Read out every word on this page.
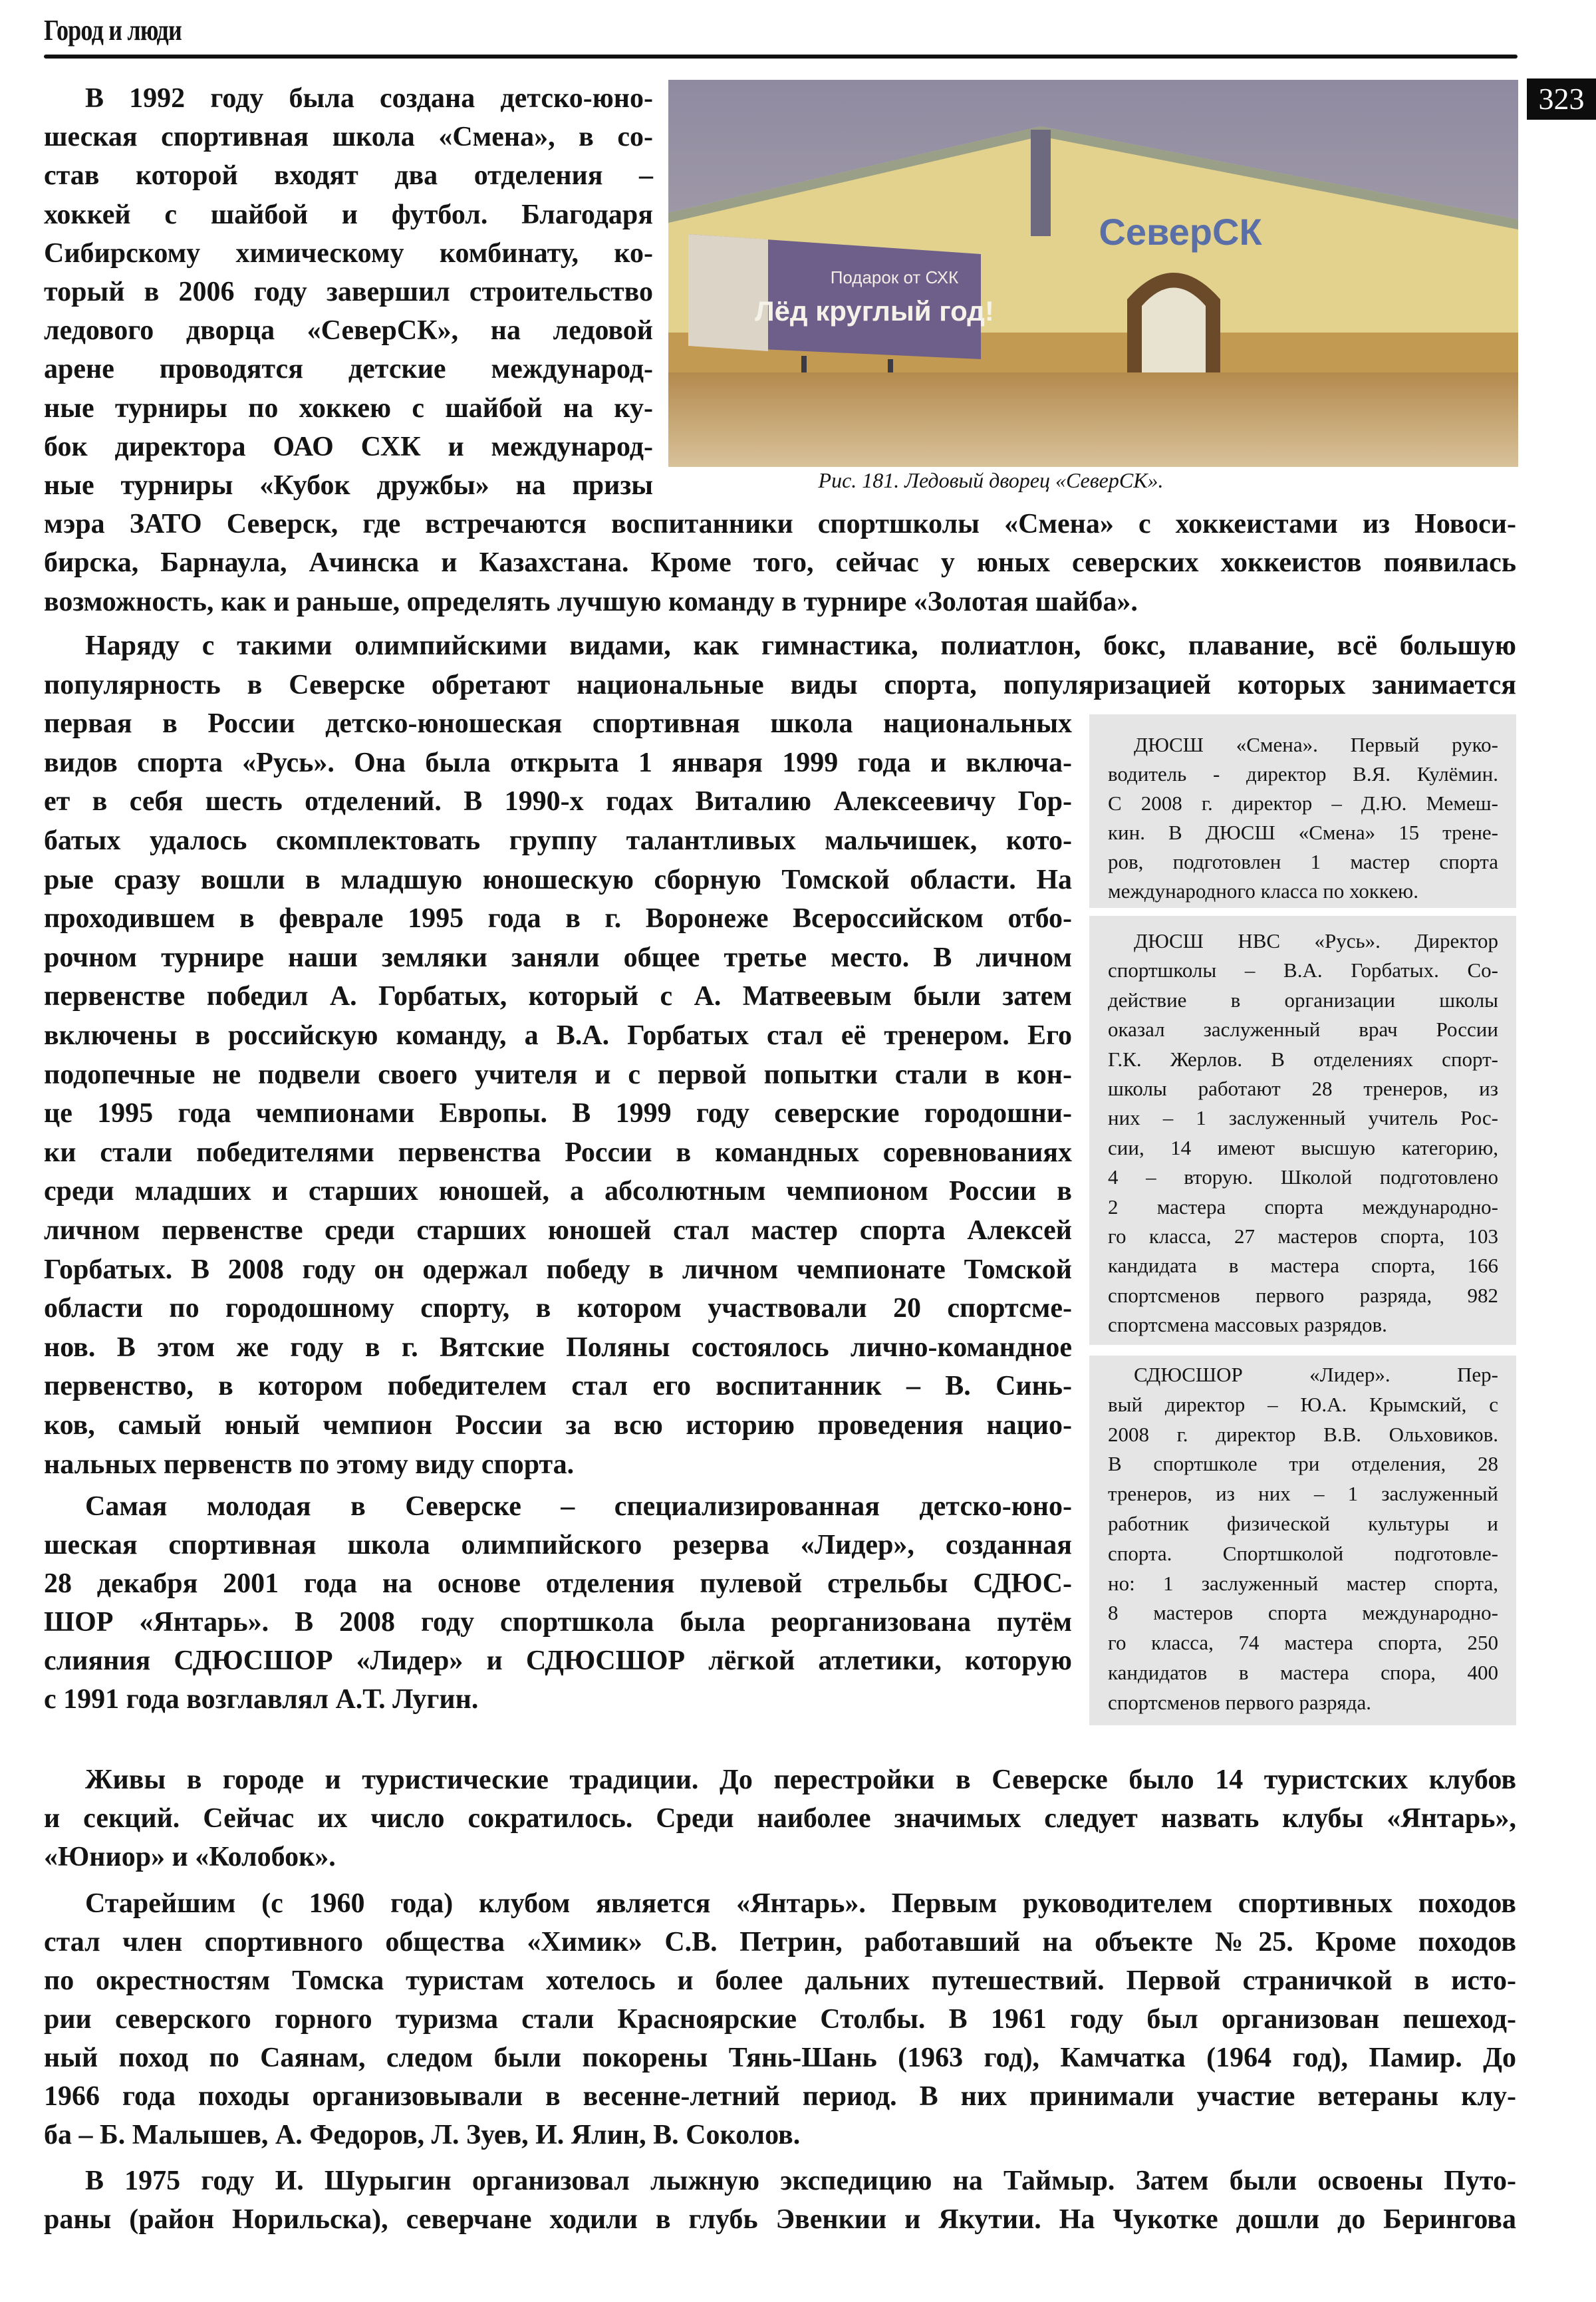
Город и люди
323
СеверСК
Подарок от СХК
Лёд круглый год!
Рис. 181. Ледовый дворец «СеверСК».
В 1992 году была создана детско-юно-
шеская спортивная школа «Смена», в со-
став которой входят два отделения –
хоккей с шайбой и футбол. Благодаря
Сибирскому химическому комбинату, ко-
торый в 2006 году завершил строительство
ледового дворца «СеверСК», на ледовой
арене проводятся детские международ-
ные турниры по хоккею с шайбой на ку-
бок директора ОАО СХК и международ-
ные турниры «Кубок дружбы» на призы
мэра ЗАТО Северск, где встречаются воспитанники спортшколы «Смена» с хоккеистами из Новоси-
бирска, Барнаула, Ачинска и Казахстана. Кроме того, сейчас у юных северских хоккеистов появилась
возможность, как и раньше, определять лучшую команду в турнире «Золотая шайба».
Наряду с такими олимпийскими видами, как гимнастика, полиатлон, бокс, плавание, всё большую
популярность в Северске обретают национальные виды спорта, популяризацией которых занимается
первая в России детско-юношеская спортивная школа национальных
видов спорта «Русь». Она была открыта 1 января 1999 года и включа-
ет в себя шесть отделений. В 1990-х годах Виталию Алексеевичу Гор-
батых удалось скомплектовать группу талантливых мальчишек, кото-
рые сразу вошли в младшую юношескую сборную Томской области. На
проходившем в феврале 1995 года в г. Воронеже Всероссийском отбо-
рочном турнире наши земляки заняли общее третье место. В личном
первенстве победил А. Горбатых, который с А. Матвеевым были затем
включены в российскую команду, а В.А. Горбатых стал её тренером. Его
подопечные не подвели своего учителя и с первой попытки стали в кон-
це 1995 года чемпионами Европы. В 1999 году северские городошни-
ки стали победителями первенства России в командных соревнованиях
среди младших и старших юношей, а абсолютным чемпионом России в
личном первенстве среди старших юношей стал мастер спорта Алексей
Горбатых. В 2008 году он одержал победу в личном чемпионате Томской
области по городошному спорту, в котором участвовали 20 спортсме-
нов. В этом же году в г. Вятские Поляны состоялось лично-командное
первенство, в котором победителем стал его воспитанник – В. Синь-
ков, самый юный чемпион России за всю историю проведения нацио-
нальных первенств по этому виду спорта.
Самая молодая в Северске – специализированная детско-юно-
шеская спортивная школа олимпийского резерва «Лидер», созданная
28 декабря 2001 года на основе отделения пулевой стрельбы СДЮС-
ШОР «Янтарь». В 2008 году спортшкола была реорганизована путём
слияния СДЮСШОР «Лидер» и СДЮСШОР лёгкой атлетики, которую
с 1991 года возглавлял А.Т. Лугин.
Живы в городе и туристические традиции. До перестройки в Северске было 14 туристских клубов
и секций. Сейчас их число сократилось. Среди наиболее значимых следует назвать клубы «Янтарь»,
«Юниор» и «Колобок».
Старейшим (с 1960 года) клубом является «Янтарь». Первым руководителем спортивных походов
стал член спортивного общества «Химик» С.В. Петрин, работавший на объекте №25. Кроме походов
по окрестностям Томска туристам хотелось и более дальних путешествий. Первой страничкой в исто-
рии северского горного туризма стали Красноярские Столбы. В 1961 году был организован пешеход-
ный поход по Саянам, следом были покорены Тянь-Шань (1963 год), Камчатка (1964 год), Памир. До
1966 года походы организовывали в весенне-летний период. В них принимали участие ветераны клу-
ба – Б. Малышев, А. Федоров, Л. Зуев, И. Ялин, В. Соколов.
В 1975 году И. Шурыгин организовал лыжную экспедицию на Таймыр. Затем были освоены Путо-
раны (район Норильска), северчане ходили в глубь Эвенкии и Якутии. На Чукотке дошли до Берингова
ДЮСШ «Смена». Первый руко-
водитель - директор В.Я. Кулёмин.
С 2008 г. директор – Д.Ю. Мемеш-
кин. В ДЮСШ «Смена» 15 трене-
ров, подготовлен 1 мастер спорта
международного класса по хоккею.
ДЮСШ НВС «Русь». Директор
спортшколы – В.А. Горбатых. Со-
действие в организации школы
оказал заслуженный врач России
Г.К. Жерлов. В отделениях спорт-
школы работают 28 тренеров, из
них – 1 заслуженный учитель Рос-
сии, 14 имеют высшую категорию,
4 – вторую. Школой подготовлено
2 мастера спорта международно-
го класса, 27 мастеров спорта, 103
кандидата в мастера спорта, 166
спортсменов первого разряда, 982
спортсмена массовых разрядов.
СДЮСШОР «Лидер». Пер-
вый директор – Ю.А. Крымский, с
2008 г. директор В.В. Ольховиков.
В спортшколе три отделения, 28
тренеров, из них – 1 заслуженный
работник физической культуры и
спорта. Спортшколой подготовле-
но: 1 заслуженный мастер спорта,
8 мастеров спорта международно-
го класса, 74 мастера спорта, 250
кандидатов в мастера спора, 400
спортсменов первого разряда.
